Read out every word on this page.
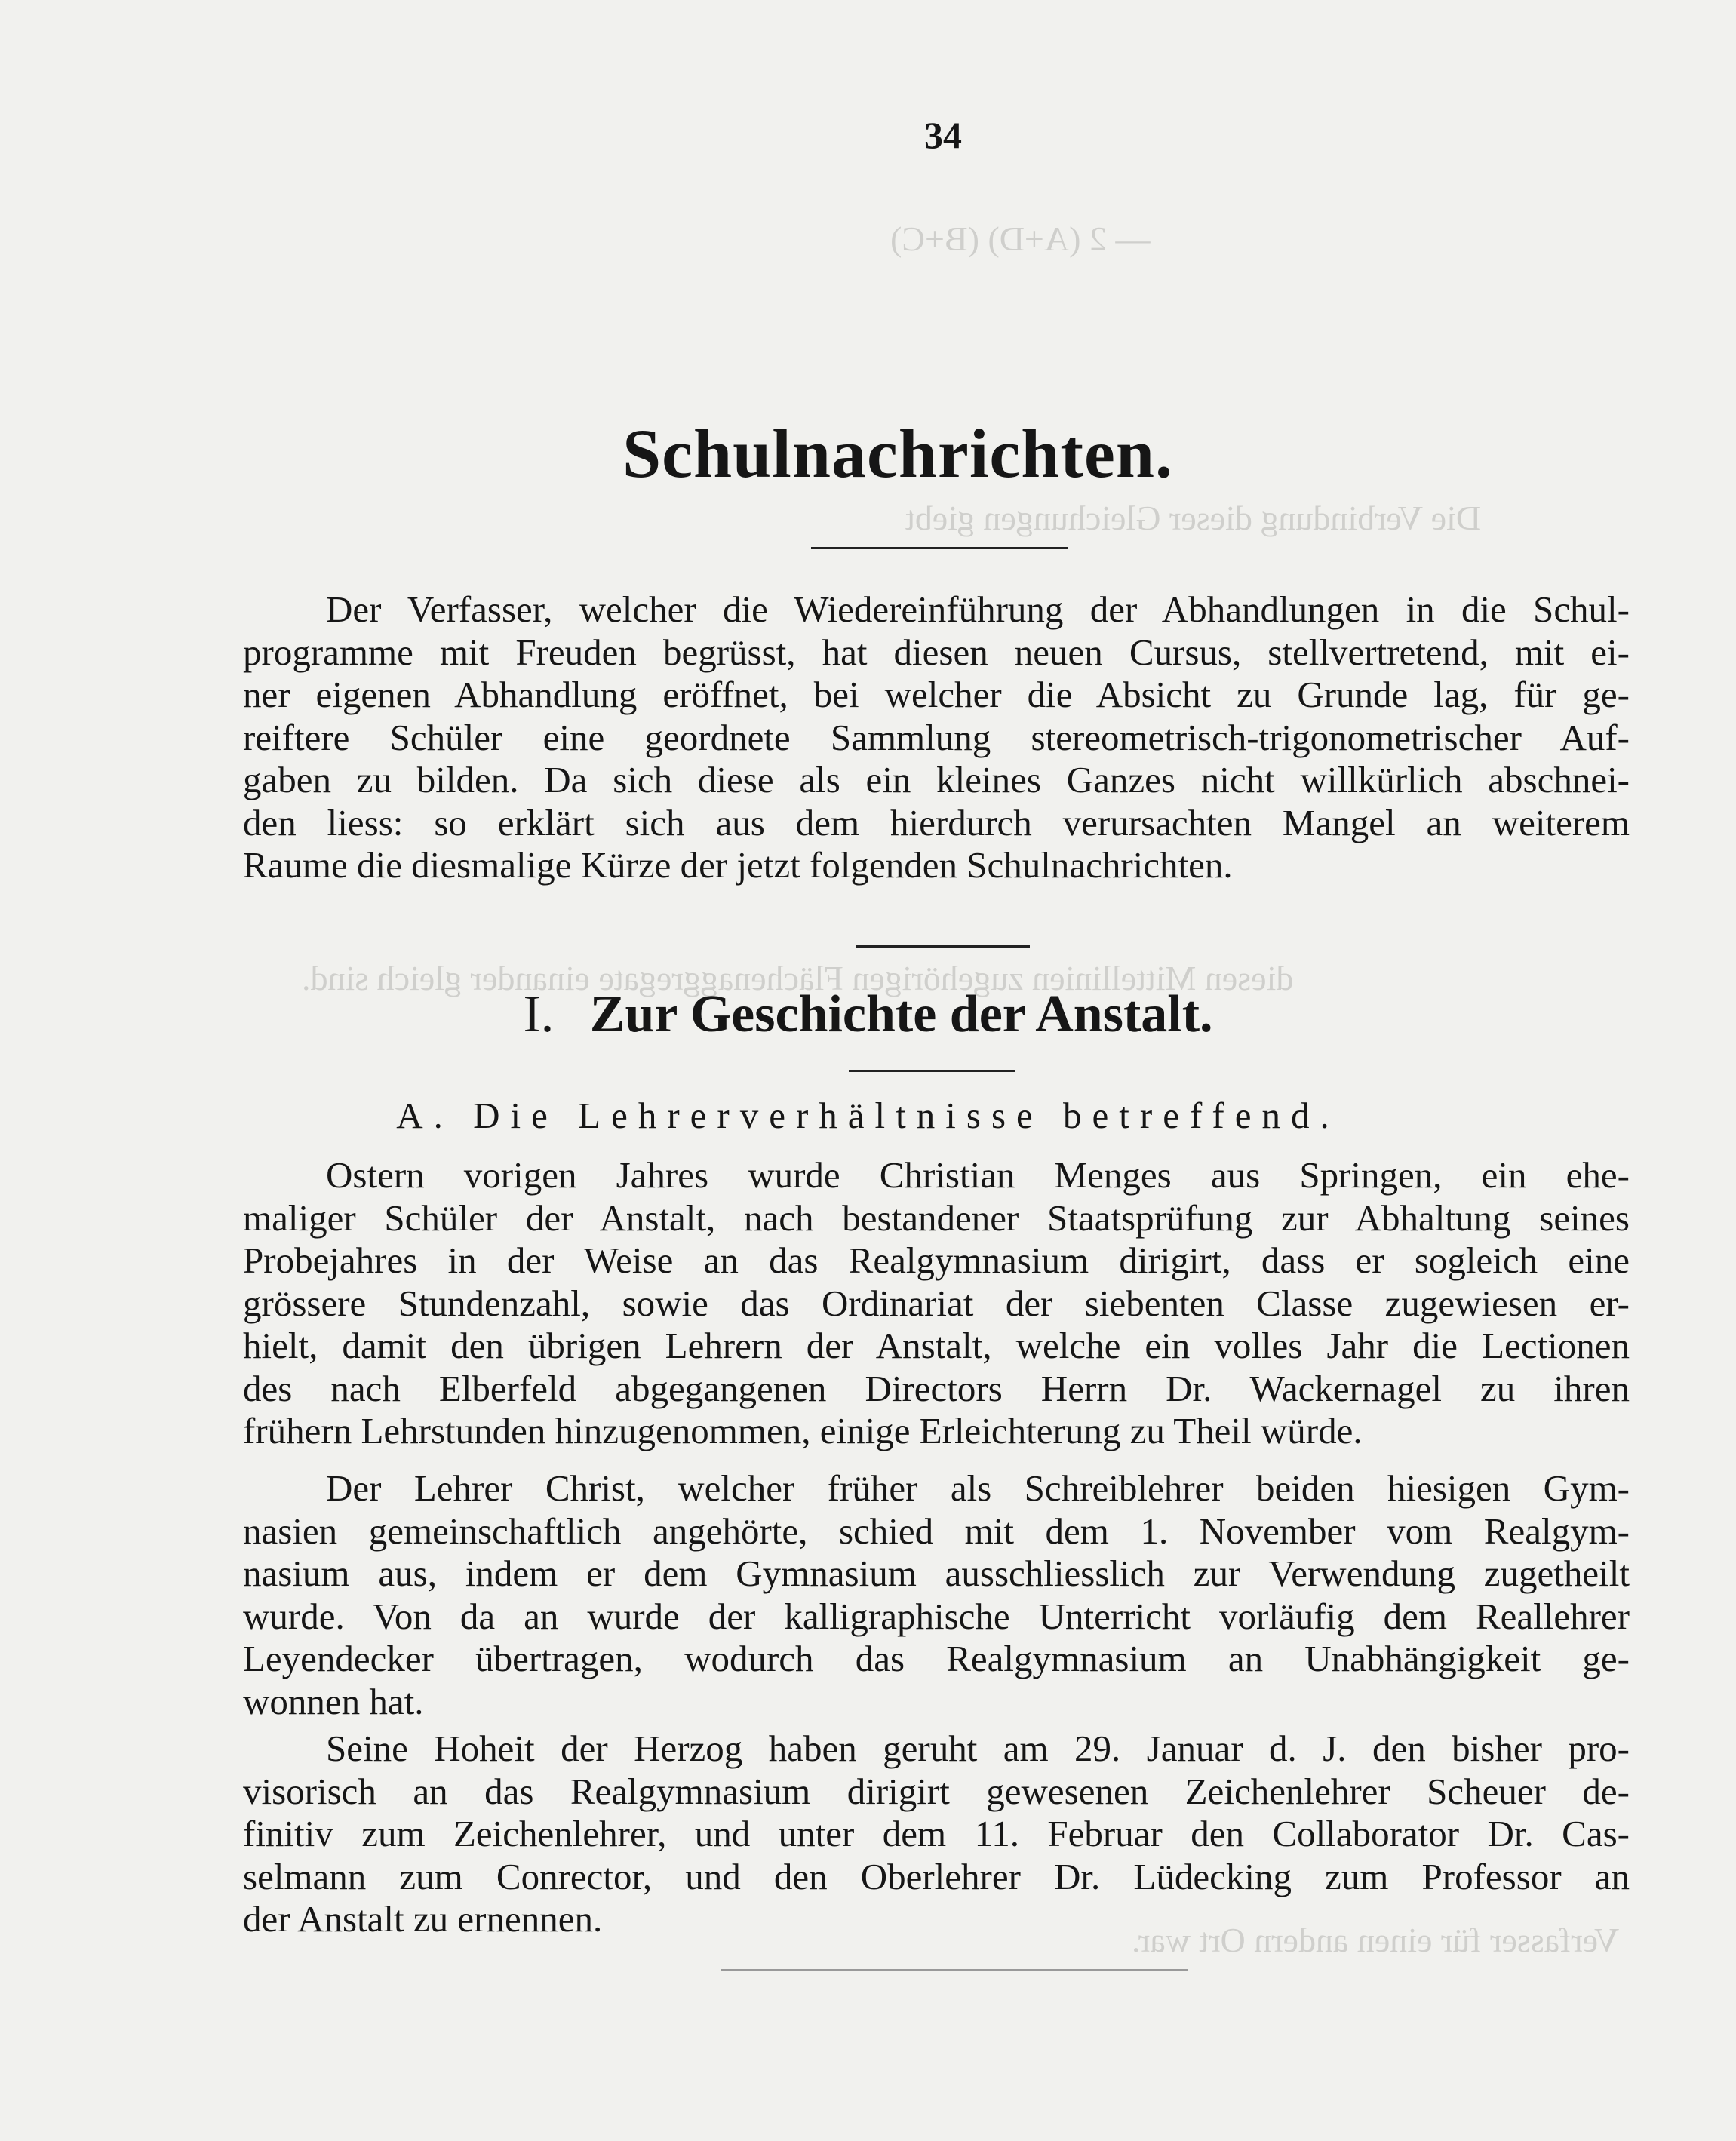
— 2 (A+D) (B+C)
Die Verbindung dieser Gleichungen giebt
diesen Mittellinien zugehörigen Flächenaggregate einander gleich sind.
Verfasser für einen andern Ort war.
34
Schulnachrichten.
Der Verfasser, welcher die Wiedereinführung der Abhandlungen in die Schul-
programme mit Freuden begrüsst, hat diesen neuen Cursus, stellvertretend, mit ei-
ner eigenen Abhandlung eröffnet, bei welcher die Absicht zu Grunde lag, für ge-
reiftere Schüler eine geordnete Sammlung stereometrisch-trigonometrischer Auf-
gaben zu bilden. Da sich diese als ein kleines Ganzes nicht willkürlich abschnei-
den liess: so erklärt sich aus dem hierdurch verursachten Mangel an weiterem
Raume die diesmalige Kürze der jetzt folgenden Schulnachrichten.
I. Zur Geschichte der Anstalt.
A. Die Lehrerverhältnisse betreffend.
Ostern vorigen Jahres wurde Christian Menges aus Springen, ein ehe-
maliger Schüler der Anstalt, nach bestandener Staatsprüfung zur Abhaltung seines
Probejahres in der Weise an das Realgymnasium dirigirt, dass er sogleich eine
grössere Stundenzahl, sowie das Ordinariat der siebenten Classe zugewiesen er-
hielt, damit den übrigen Lehrern der Anstalt, welche ein volles Jahr die Lectionen
des nach Elberfeld abgegangenen Directors Herrn Dr. Wackernagel zu ihren
frühern Lehrstunden hinzugenommen, einige Erleichterung zu Theil würde.
Der Lehrer Christ, welcher früher als Schreiblehrer beiden hiesigen Gym-
nasien gemeinschaftlich angehörte, schied mit dem 1. November vom Realgym-
nasium aus, indem er dem Gymnasium ausschliesslich zur Verwendung zugetheilt
wurde. Von da an wurde der kalligraphische Unterricht vorläufig dem Reallehrer
Leyendecker übertragen, wodurch das Realgymnasium an Unabhängigkeit ge-
wonnen hat.
Seine Hoheit der Herzog haben geruht am 29. Januar d. J. den bisher pro-
visorisch an das Realgymnasium dirigirt gewesenen Zeichenlehrer Scheuer de-
finitiv zum Zeichenlehrer, und unter dem 11. Februar den Collaborator Dr. Cas-
selmann zum Conrector, und den Oberlehrer Dr. Lüdecking zum Professor an
der Anstalt zu ernennen.
